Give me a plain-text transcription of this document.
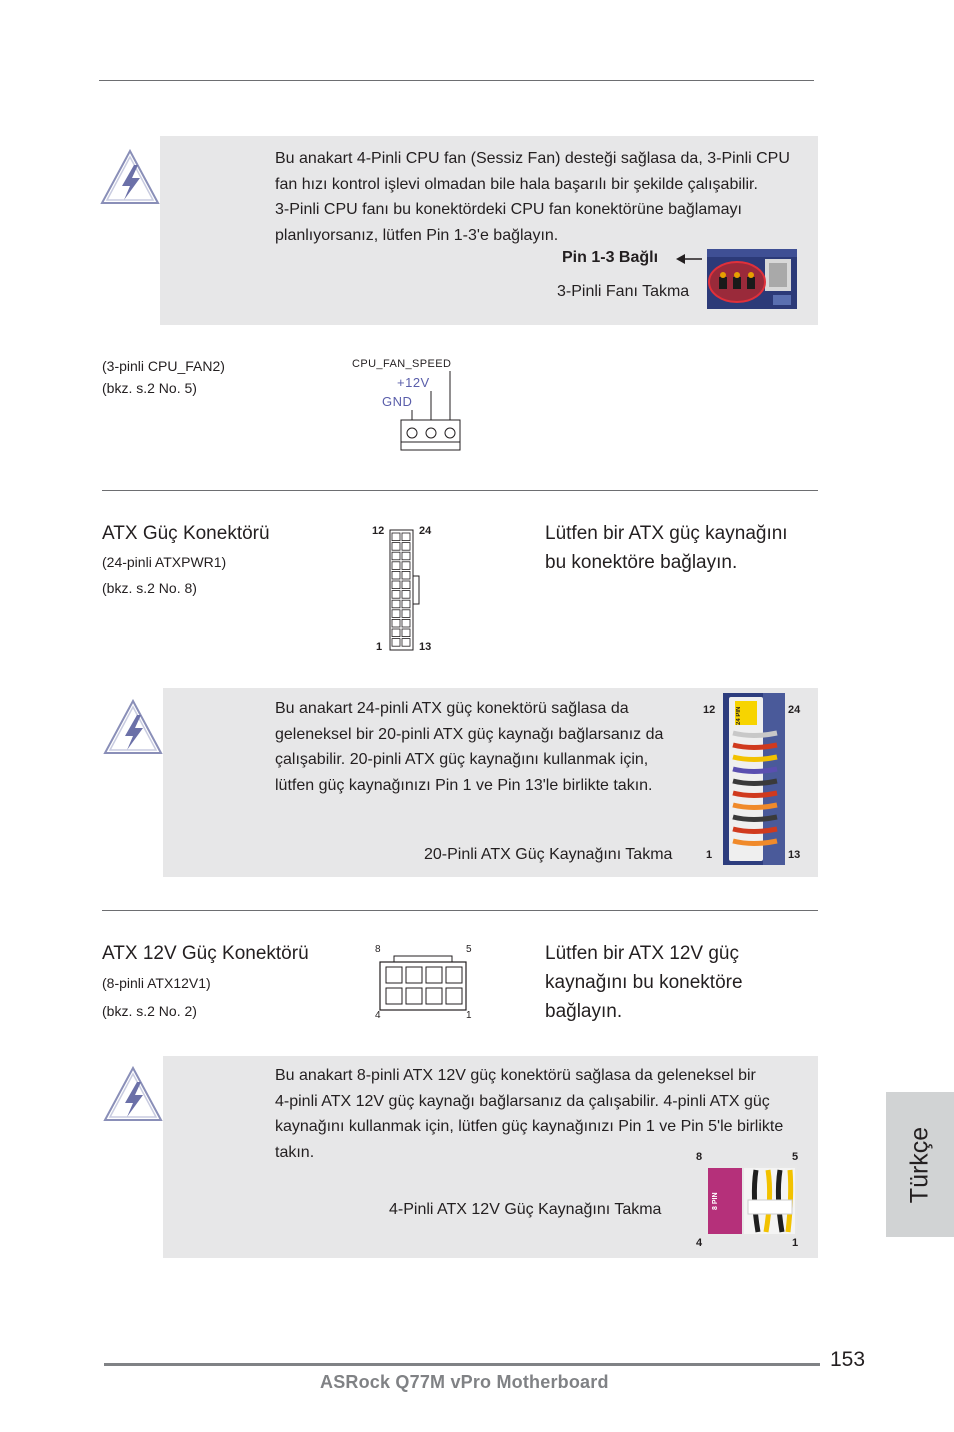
Bu anakart 4-Pinli CPU fan (Sessiz Fan) desteği sağlasa da, 3-Pinli CPU
fan hızı kontrol işlevi olmadan bile hala başarılı bir şekilde çalışabilir.
3-Pinli CPU fanı bu konektördeki CPU fan konektörüne bağlamayı
planlıyorsanız, lütfen Pin 1-3'e bağlayın.
Pin 1-3 Bağlı
3-Pinli Fanı Takma
(3-pinli CPU_FAN2)
(bkz. s.2 No. 5)
CPU_FAN_SPEED
+12V
GND
ATX Güç Konektörü
(24-pinli ATXPWR1)
(bkz. s.2 No. 8)
12	24
1	13
Lütfen bir ATX güç kaynağını
bu konektöre bağlayın.
Bu anakart 24-pinli ATX güç konektörü sağlasa da
geleneksel bir 20-pinli ATX güç kaynağı bağlarsanız da
çalışabilir. 20-pinli ATX güç kaynağını kullanmak için,
lütfen güç kaynağınızı Pin 1 ve Pin 13'le birlikte takın.
20-Pinli ATX Güç Kaynağını Takma
12	24
1	13
24 PIN
ATX 12V Güç Konektörü
(8-pinli ATX12V1)
(bkz. s.2 No. 2)
8	5
4	1
Lütfen bir ATX 12V güç
kaynağını bu konektöre
bağlayın.
Bu anakart 8-pinli ATX 12V güç konektörü sağlasa da geleneksel bir
4-pinli ATX 12V güç kaynağı bağlarsanız da çalışabilir. 4-pinli ATX güç
kaynağını kullanmak için, lütfen güç kaynağınızı Pin 1 ve Pin 5'le birlikte
takın.
4-Pinli ATX 12V Güç Kaynağını Takma
8	5
4	1
8 PIN	Türkçe
153
ASRock Q77M vPro Motherboard
